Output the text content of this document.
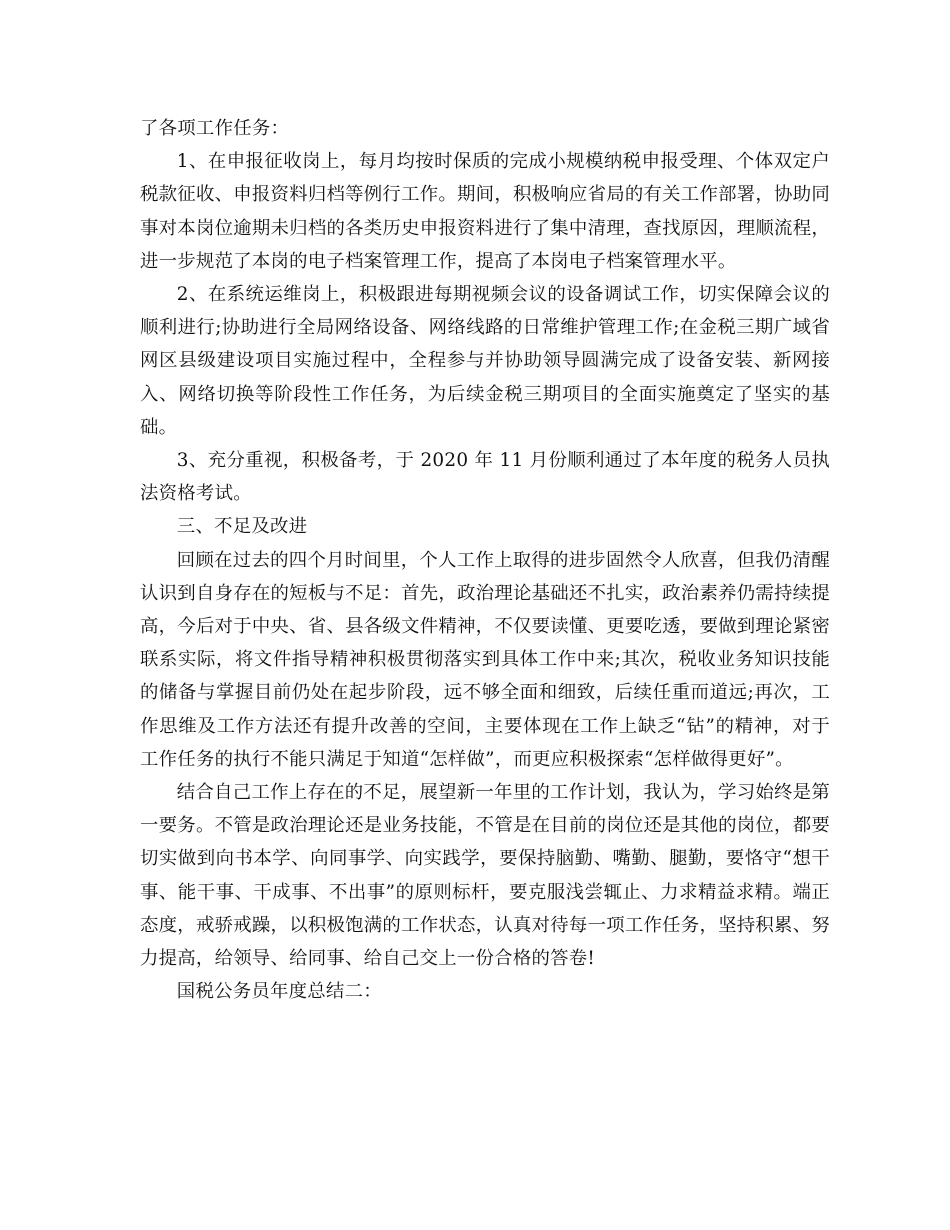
了各项工作任务：

1、在申报征收岗上，每月均按时保质的完成小规模纳税申报受理、个体双定户税款征收、申报资料归档等例行工作。期间，积极响应省局的有关工作部署，协助同事对本岗位逾期未归档的各类历史申报资料进行了集中清理，查找原因，理顺流程，进一步规范了本岗的电子档案管理工作，提高了本岗电子档案管理水平。

2、在系统运维岗上，积极跟进每期视频会议的设备调试工作，切实保障会议的顺利进行;协助进行全局网络设备、网络线路的日常维护管理工作;在金税三期广域省网区县级建设项目实施过程中，全程参与并协助领导圆满完成了设备安装、新网接入、网络切换等阶段性工作任务，为后续金税三期项目的全面实施奠定了坚实的基础。

3、充分重视，积极备考，于 2020 年 11 月份顺利通过了本年度的税务人员执法资格考试。

三、不足及改进

回顾在过去的四个月时间里，个人工作上取得的进步固然令人欣喜，但我仍清醒认识到自身存在的短板与不足：首先，政治理论基础还不扎实，政治素养仍需持续提高，今后对于中央、省、县各级文件精神，不仅要读懂、更要吃透，要做到理论紧密联系实际，将文件指导精神积极贯彻落实到具体工作中来;其次，税收业务知识技能的储备与掌握目前仍处在起步阶段，远不够全面和细致，后续任重而道远;再次，工作思维及工作方法还有提升改善的空间，主要体现在工作上缺乏“钻”的精神，对于工作任务的执行不能只满足于知道“怎样做”，而更应积极探索“怎样做得更好”。

结合自己工作上存在的不足，展望新一年里的工作计划，我认为，学习始终是第一要务。不管是政治理论还是业务技能，不管是在目前的岗位还是其他的岗位，都要切实做到向书本学、向同事学、向实践学，要保持脑勤、嘴勤、腿勤，要恪守“想干事、能干事、干成事、不出事”的原则标杆，要克服浅尝辄止、力求精益求精。端正态度，戒骄戒躁，以积极饱满的工作状态，认真对待每一项工作任务，坚持积累、努力提高，给领导、给同事、给自己交上一份合格的答卷!

国税公务员年度总结二：
